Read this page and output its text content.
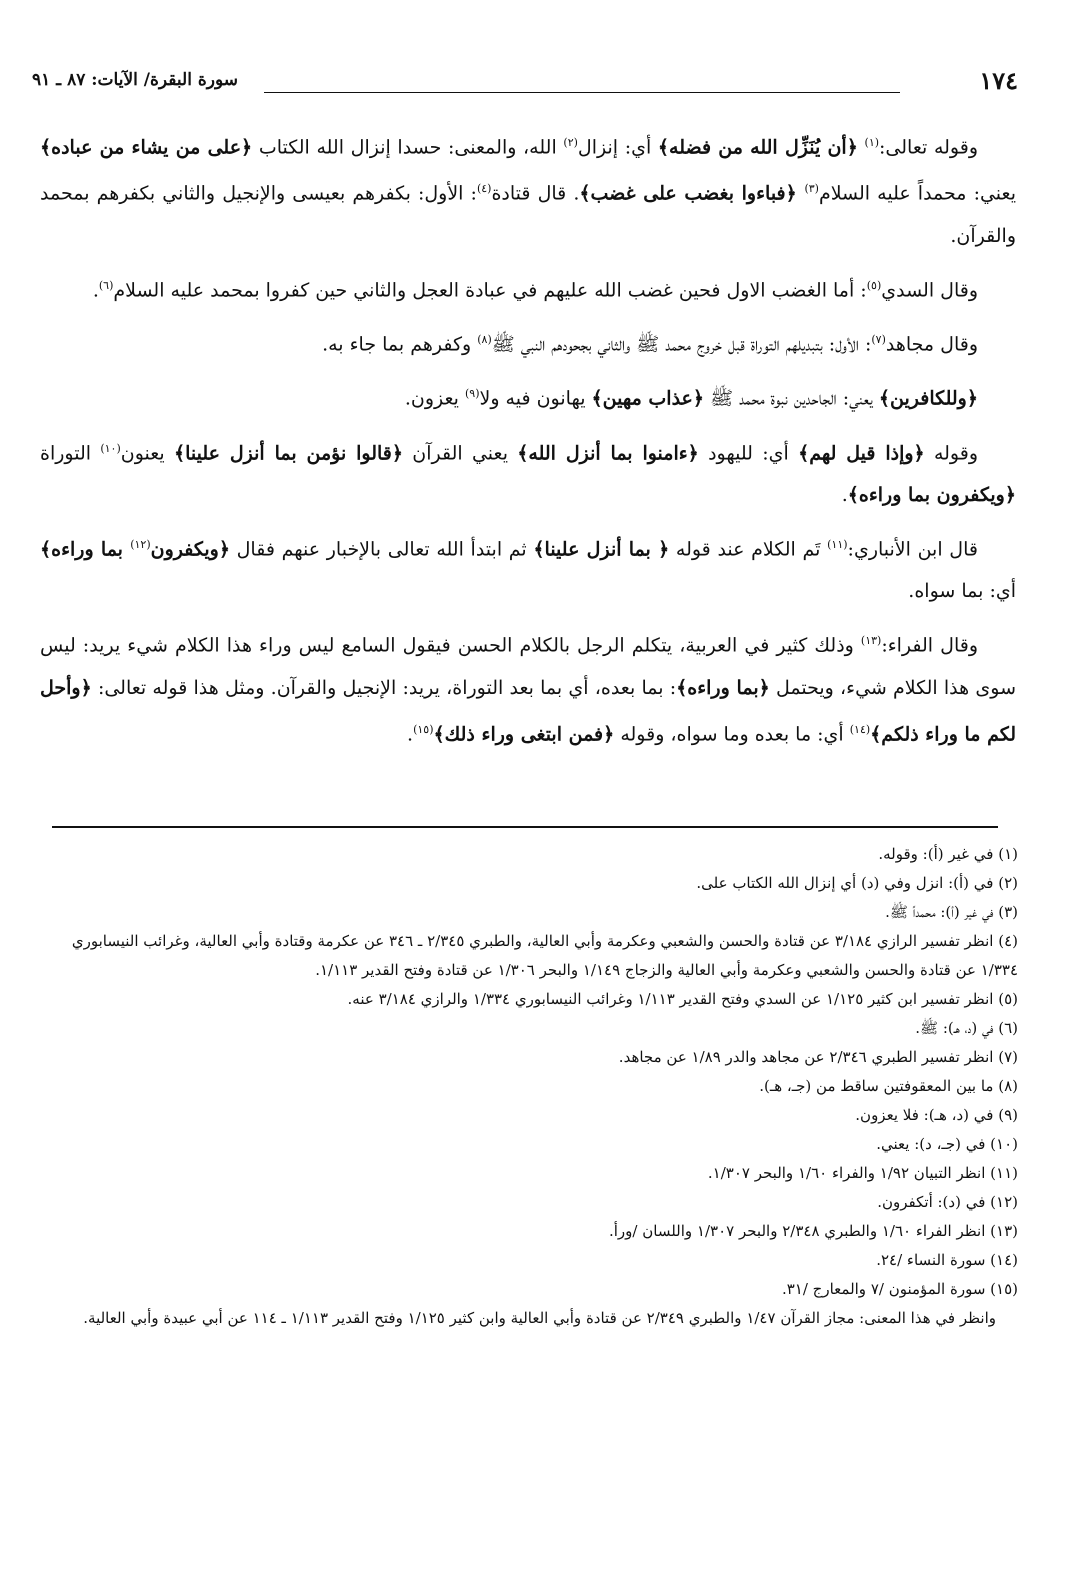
١٧٤
سورة البقرة/ الآيات: ٨٧ ـ ٩١

وقوله تعالى:$^{(١)}$ ﴿أن يُنَزِّل الله من فضله﴾ أي: إنزال$^{(٢)}$ الله، والمعنى: حسدا إنزال الله الكتاب ﴿على من يشاء من عباده﴾ يعني: محمداً عليه السلام$^{(٣)}$ ﴿فباءوا بغضب على غضب﴾. قال قتادة$^{(٤)}$: الأول: بكفرهم بعيسى والإنجيل والثاني بكفرهم بمحمد والقرآن.

وقال السدي$^{(٥)}$: أما الغضب الاول فحين غضب الله عليهم في عبادة العجل والثاني حين كفروا بمحمد عليه السلام$^{(٦)}$.

وقال مجاهد$^{(٧)}$: الأول: بتبديلهم التوراة قبل خروج محمد ﷺ والثاني بجحودهم النبي ﷺ$^{(٨)}$ وكفرهم بما جاء به.

﴿وللكافرين﴾ يعني: الجاحدين نبوة محمد ﷺ ﴿عذاب مهين﴾ يهانون فيه ولا$^{(٩)}$ يعزون.

وقوله ﴿وإذا قيل لهم﴾ أي: لليهود ﴿ءامنوا بما أنزل الله﴾ يعني القرآن ﴿قالوا نؤمن بما أنزل علينا﴾ يعنون$^{(١٠)}$ التوراة ﴿ويكفرون بما وراءه﴾.

قال ابن الأنباري:$^{(١١)}$ تَم الكلام عند قوله ﴿ بما أنزل علينا﴾ ثم ابتدأ الله تعالى بالإخبار عنهم فقال ﴿ويكفرون$^{(١٢)}$ بما وراءه﴾ أي: بما سواه.

وقال الفراء:$^{(١٣)}$ وذلك كثير في العربية، يتكلم الرجل بالكلام الحسن فيقول السامع ليس وراء هذا الكلام شيء يريد: ليس سوى هذا الكلام شيء، ويحتمل ﴿بما وراءه﴾: بما بعده، أي بما بعد التوراة، يريد: الإنجيل والقرآن. ومثل هذا قوله تعالى: ﴿وأحل لكم ما وراء ذلكم﴾$^{(١٤)}$ أي: ما بعده وما سواه، وقوله ﴿فمن ابتغى وراء ذلك﴾$^{(١٥)}$.

(١) في غير (أ): وقوله.

(٢) في (أ): انزل وفي (د) أي إنزال الله الكتاب على.

(٣) في غير (أ): محمداً ﷺ.

(٤) انظر تفسير الرازي ٣/١٨٤ عن قتادة والحسن والشعبي وعكرمة وأبي العالية، والطبري ٢/٣٤٥ ـ ٣٤٦ عن عكرمة وقتادة وأبي العالية، وغرائب النيسابوري ١/٣٣٤ عن قتادة والحسن والشعبي وعكرمة وأبي العالية والزجاج ١/١٤٩ والبحر ١/٣٠٦ عن قتادة وفتح القدير ١/١١٣.

(٥) انظر تفسير ابن كثير ١/١٢٥ عن السدي وفتح القدير ١/١١٣ وغرائب النيسابوري ١/٣٣٤ والرازي ٣/١٨٤ عنه.

(٦) في (د، هـ): ﷺ.

(٧) انظر تفسير الطبري ٢/٣٤٦ عن مجاهد والدر ١/٨٩ عن مجاهد.

(٨) ما بين المعقوفتين ساقط من (جـ، هـ).

(٩) في (د، هـ): فلا يعزون.

(١٠) في (جـ، د): يعني.

(١١) انظر التبيان ١/٩٢ والفراء ١/٦٠ والبحر ١/٣٠٧.

(١٢) في (د): أتكفرون.

(١٣) انظر الفراء ١/٦٠ والطبري ٢/٣٤٨ والبحر ١/٣٠٧ واللسان /ورأ.

(١٤) سورة النساء /٢٤.

(١٥) سورة المؤمنون /٧ والمعارج /٣١.

وانظر في هذا المعنى: مجاز القرآن ١/٤٧ والطبري ٢/٣٤٩ عن قتادة وأبي العالية وابن كثير ١/١٢٥ وفتح القدير ١/١١٣ ـ ١١٤ عن أبي عبيدة وأبي العالية.
